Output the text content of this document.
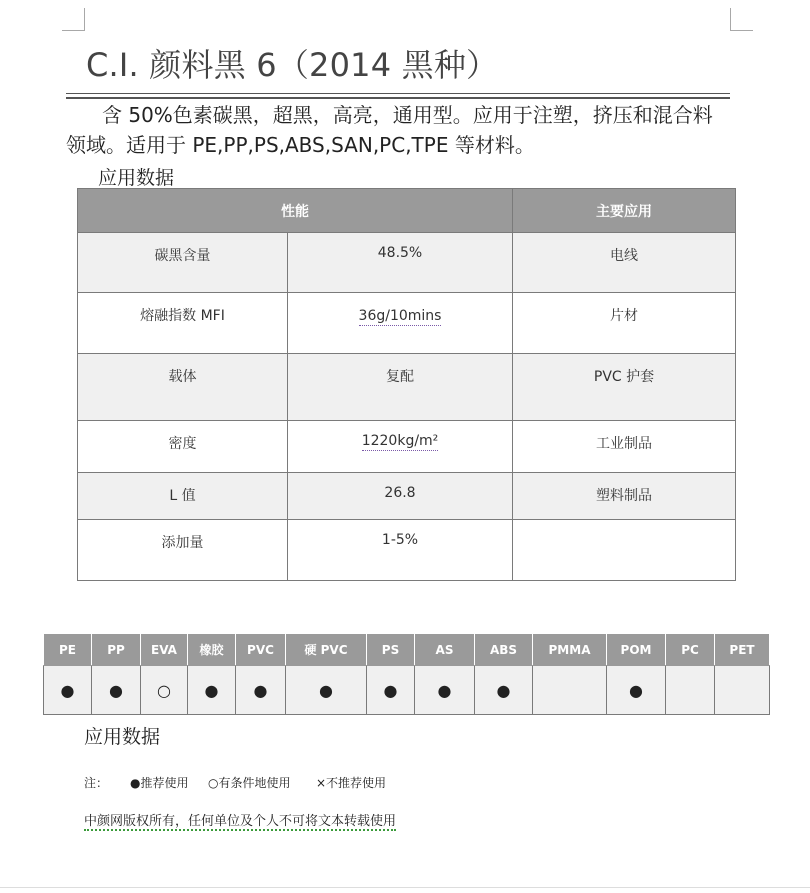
C.I. 颜料黑 6（2014 黑种）
含 50%色素碳黑，超黑，高亮，通用型。应用于注塑，挤压和混合料领域。适用于 PE,PP,PS,ABS,SAN,PC,TPE 等材料。
应用数据
性能		主要应用
碳黑含量	48.5%	电线
熔融指数 MFI	36g/10mins	片材
载体	复配	PVC 护套
密度	1220kg/m²	工业制品
L 值	26.8	塑料制品
添加量	1-5%	
PE	PP	EVA	橡胶	PVC	硬 PVC	PS	AS	ABS	PMMA	POM	PC	PET
●	●	○	●	●	●	●	●	●		●		
应用数据
注： ●推荐使用 ○有条件地使用 ×不推荐使用
中颜网版权所有，任何单位及个人不可将文本转载使用
